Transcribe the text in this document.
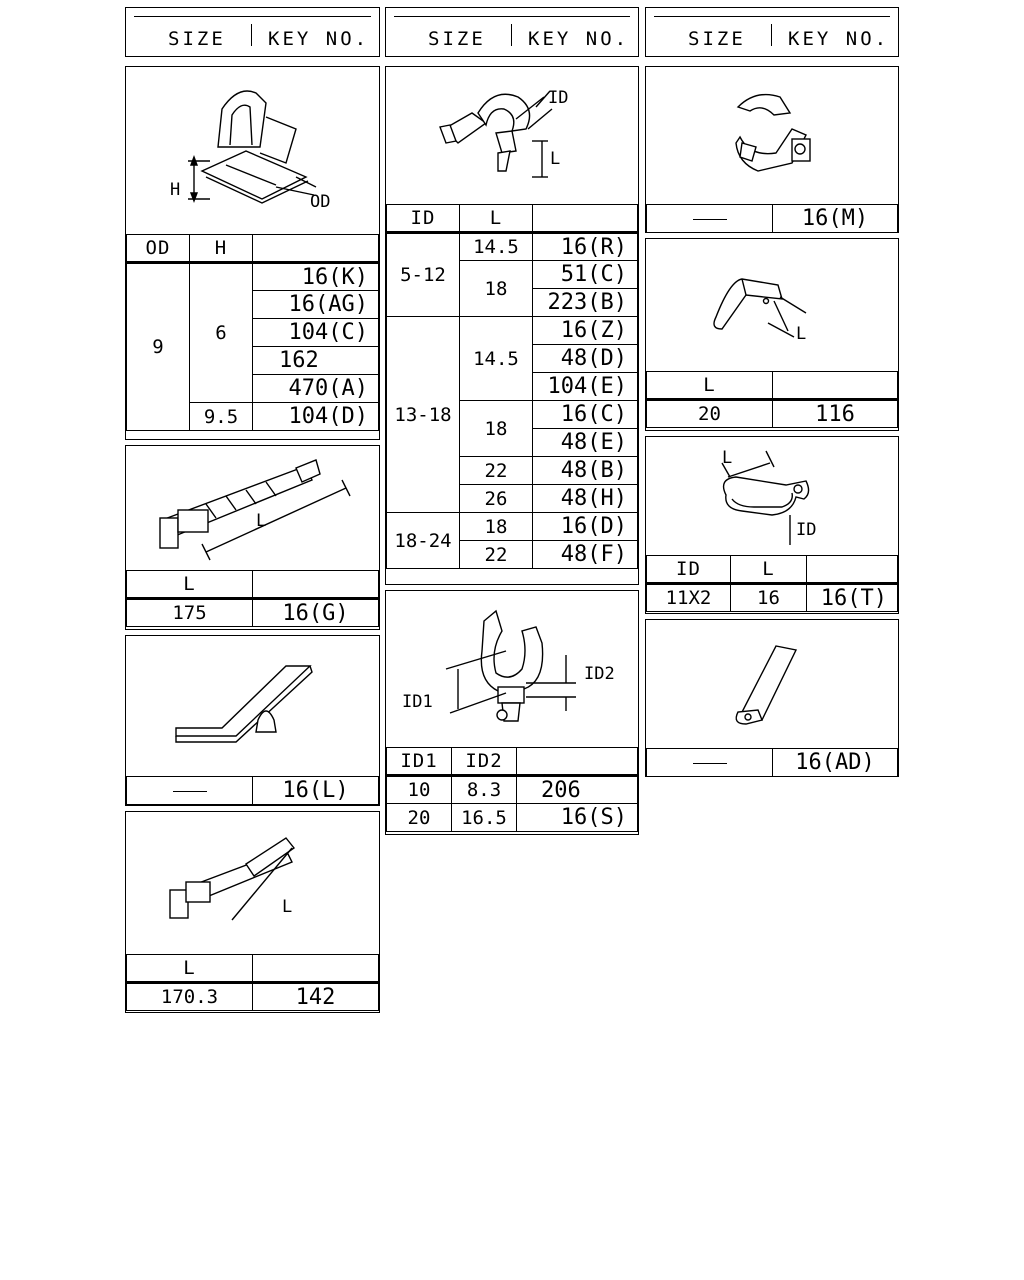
SIZE KEY NO.	SIZE KEY NO.	SIZE KEY NO.
H
OD
OD	H	
9	6	16(K)
		16(AG)
		104(C)
		162
		470(A)
	9.5	104(D)
L
L	
175	16(G)
	16(L)
L
L	
170.3	142
ID
L
ID	L	
5-12	14.5	16(R)
	18	51(C)
		223(B)
13-18	14.5	16(Z)
		48(D)
		104(E)
	18	16(C)
		48(E)
	22	48(B)
	26	48(H)
18-24	18	16(D)
	22	48(F)
ID1
ID2
ID1	ID2	
10	8.3	206
20	16.5	16(S)
	16(M)
L
L	
20	116
L
ID
ID	L	
11X2	16	16(T)
	16(AD)
